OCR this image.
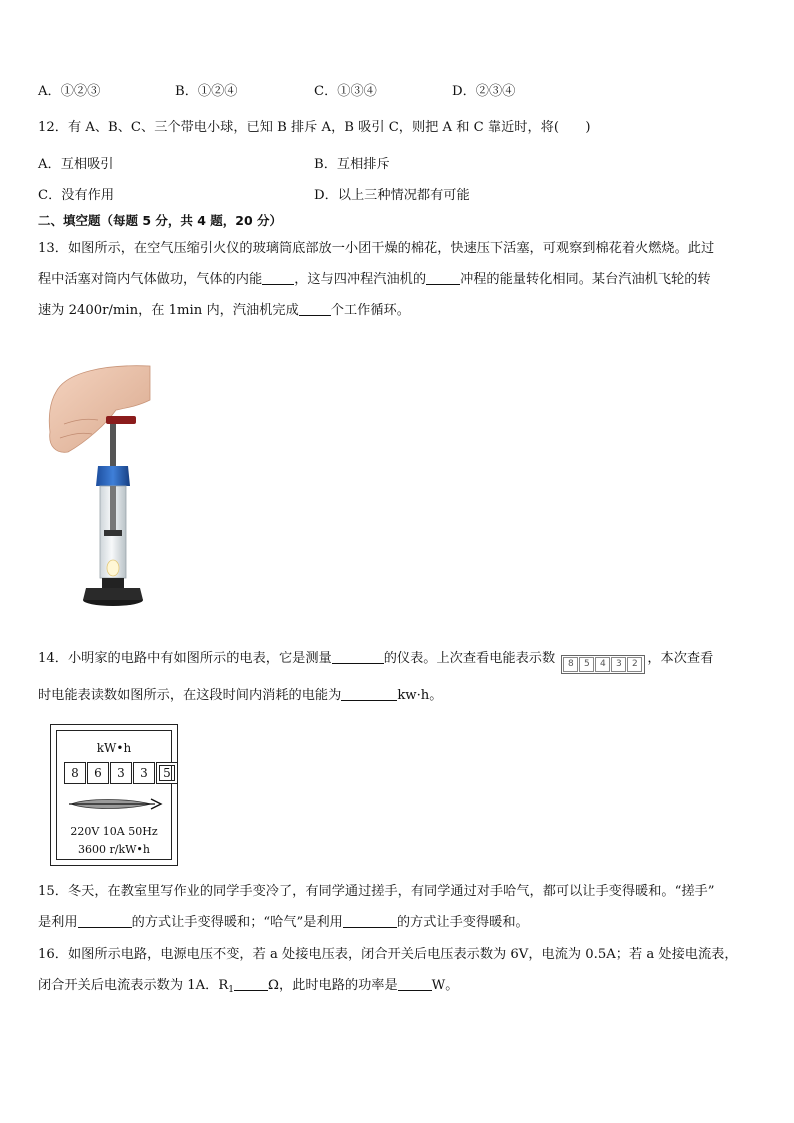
A．①②③	B．①②④	C．①③④	D．②③④
12．有 A、B、C、三个带电小球，已知 B 排斥 A，B 吸引 C，则把 A 和 C 靠近时，将(　　)
A．互相吸引	B．互相排斥
C．没有作用	D．以上三种情况都有可能
二、填空题（每题 5 分，共 4 题，20 分）
13．如图所示，在空气压缩引火仪的玻璃筒底部放一小团干燥的棉花，快速压下活塞，可观察到棉花着火燃烧。此过
程中活塞对筒内气体做功，气体的内能 ，这与四冲程汽油机的	冲程的能量转化相同。某台汽油机飞轮的转
速为 2400r/min，在 1min 内，汽油机完成 个工作循环。
14．小明家的电路中有如图所示的电表，它是测量	的仪表。上次查看电能表示数	8	5	4	3	2 ，本次查看
时电能表读数如图所示，在这段时间内消耗的电能为	kw·h。
kW•h
8	6	3	3	5
220V 10A 50Hz
3600 r/kW•h
15．冬天，在教室里写作业的同学手变冷了，有同学通过搓手，有同学通过对手哈气，都可以让手变得暖和。“搓手”
是利用	的方式让手变得暖和；“哈气”是利用	的方式让手变得暖和。
16．如图所示电路，电源电压不变，若 a 处接电压表，闭合开关后电压表示数为 6V，电流为 0.5A；若 a 处接电流表，
闭合开关后电流表示数为 1A．$R_1$	Ω，此时电路的功率是	W。
